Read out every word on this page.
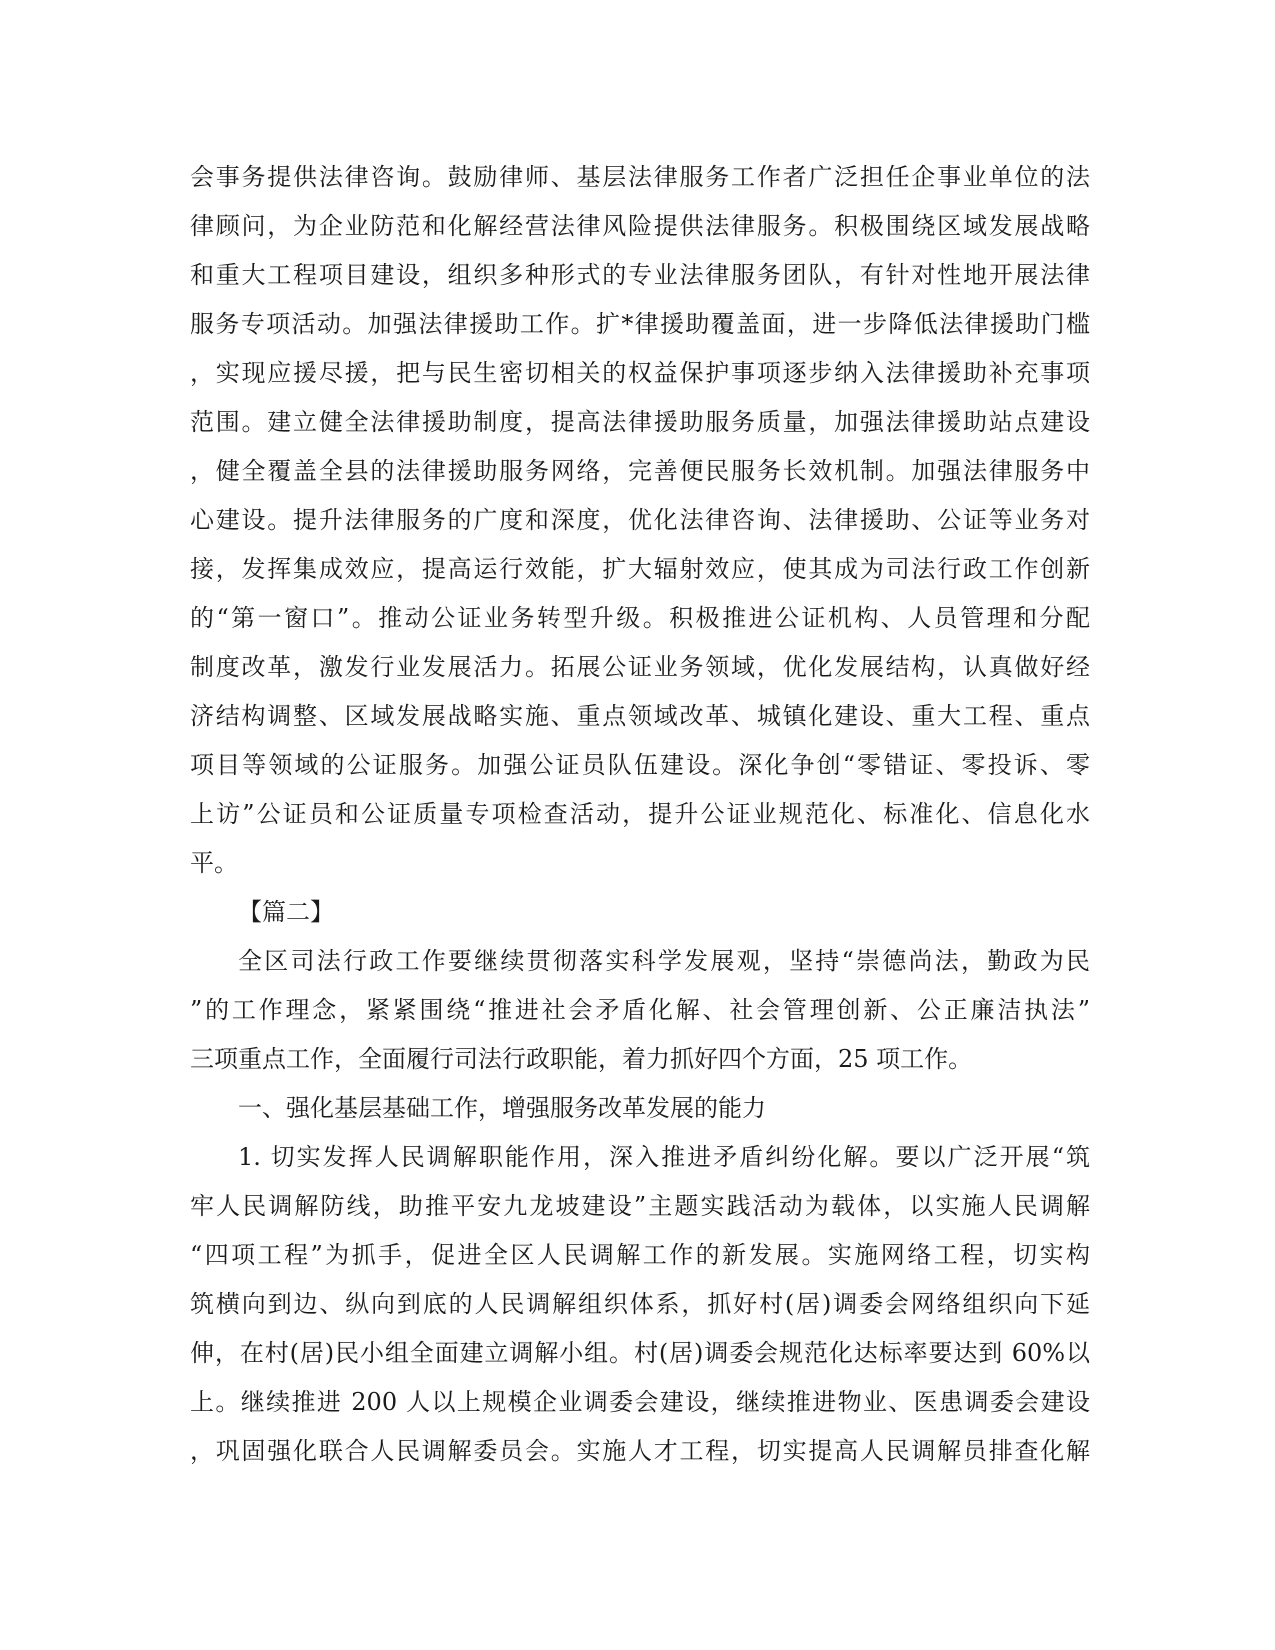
会事务提供法律咨询。鼓励律师、基层法律服务工作者广泛担任企事业单位的法
律顾问，为企业防范和化解经营法律风险提供法律服务。积极围绕区域发展战略
和重大工程项目建设，组织多种形式的专业法律服务团队，有针对性地开展法律
服务专项活动。加强法律援助工作。扩*律援助覆盖面，进一步降低法律援助门槛
，实现应援尽援，把与民生密切相关的权益保护事项逐步纳入法律援助补充事项
范围。建立健全法律援助制度，提高法律援助服务质量，加强法律援助站点建设
，健全覆盖全县的法律援助服务网络，完善便民服务长效机制。加强法律服务中
心建设。提升法律服务的广度和深度，优化法律咨询、法律援助、公证等业务对
接，发挥集成效应，提高运行效能，扩大辐射效应，使其成为司法行政工作创新
的“第一窗口”。推动公证业务转型升级。积极推进公证机构、人员管理和分配
制度改革，激发行业发展活力。拓展公证业务领域，优化发展结构，认真做好经
济结构调整、区域发展战略实施、重点领域改革、城镇化建设、重大工程、重点
项目等领域的公证服务。加强公证员队伍建设。深化争创“零错证、零投诉、零
上访”公证员和公证质量专项检查活动，提升公证业规范化、标准化、信息化水
平。
【篇二】
全区司法行政工作要继续贯彻落实科学发展观，坚持“崇德尚法，勤政为民
”的工作理念，紧紧围绕“推进社会矛盾化解、社会管理创新、公正廉洁执法”
三项重点工作，全面履行司法行政职能，着力抓好四个方面，25 项工作。
一、强化基层基础工作，增强服务改革发展的能力
1. 切实发挥人民调解职能作用，深入推进矛盾纠纷化解。要以广泛开展“筑
牢人民调解防线，助推平安九龙坡建设”主题实践活动为载体，以实施人民调解
“四项工程”为抓手，促进全区人民调解工作的新发展。实施网络工程，切实构
筑横向到边、纵向到底的人民调解组织体系，抓好村(居)调委会网络组织向下延
伸，在村(居)民小组全面建立调解小组。村(居)调委会规范化达标率要达到 60%以
上。继续推进 200 人以上规模企业调委会建设，继续推进物业、医患调委会建设
，巩固强化联合人民调解委员会。实施人才工程，切实提高人民调解员排查化解
